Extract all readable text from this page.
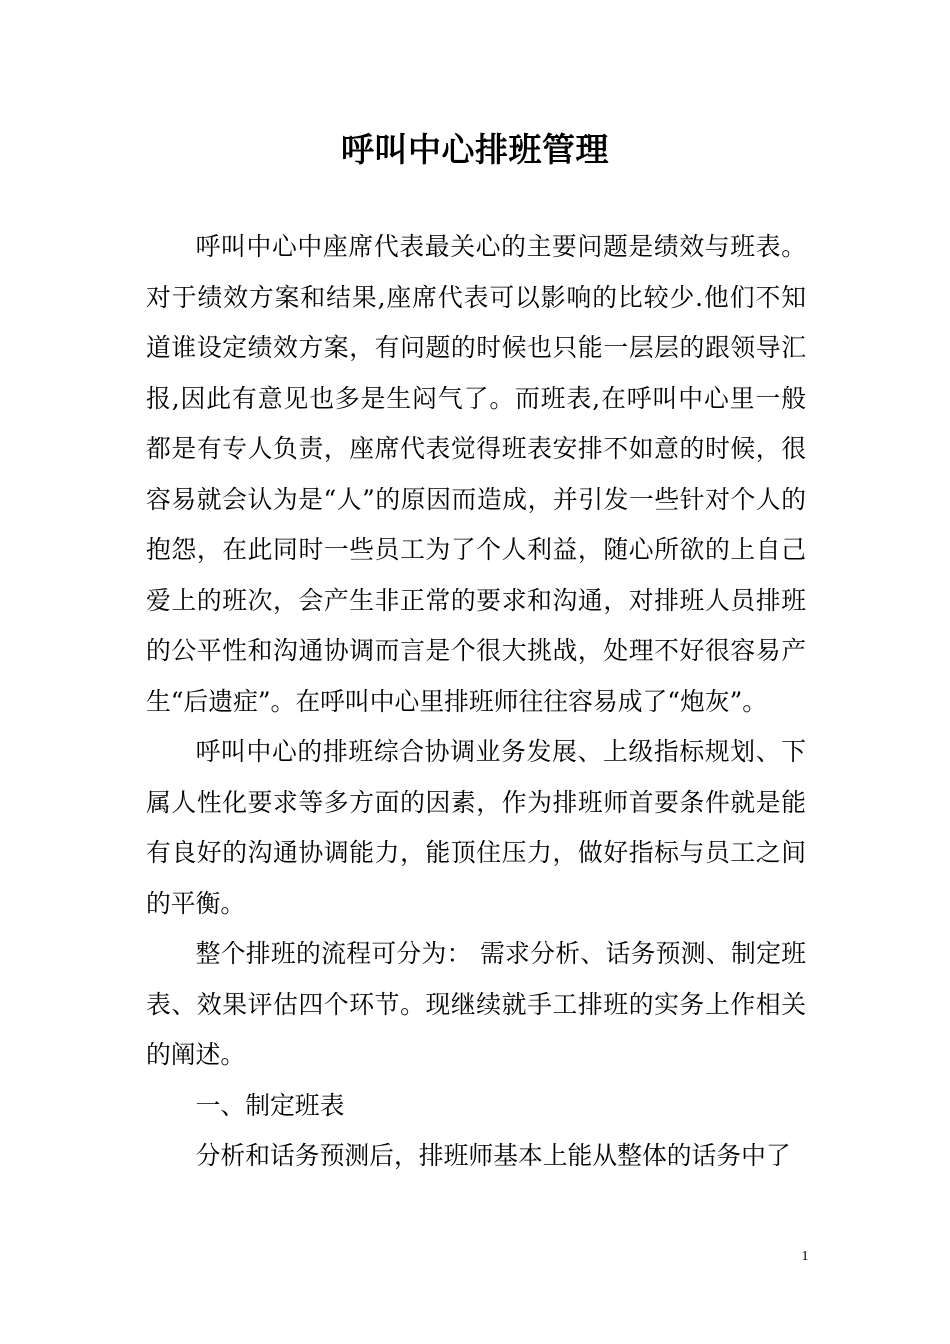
呼叫中心排班管理

呼叫中心中座席代表最关心的主要问题是绩效与班表。对于绩效方案和结果,座席代表可以影响的比较少.他们不知道谁设定绩效方案，有问题的时候也只能一层层的跟领导汇报,因此有意见也多是生闷气了。而班表,在呼叫中心里一般都是有专人负责，座席代表觉得班表安排不如意的时候，很容易就会认为是“人”的原因而造成，并引发一些针对个人的抱怨，在此同时一些员工为了个人利益，随心所欲的上自己爱上的班次，会产生非正常的要求和沟通，对排班人员排班的公平性和沟通协调而言是个很大挑战，处理不好很容易产生“后遗症”。在呼叫中心里排班师往往容易成了“炮灰”。

呼叫中心的排班综合协调业务发展、上级指标规划、下属人性化要求等多方面的因素，作为排班师首要条件就是能有良好的沟通协调能力，能顶住压力，做好指标与员工之间的平衡。

整个排班的流程可分为： 需求分析、话务预测、制定班表、效果评估四个环节。现继续就手工排班的实务上作相关的阐述。

一、制定班表

分析和话务预测后，排班师基本上能从整体的话务中了

1
